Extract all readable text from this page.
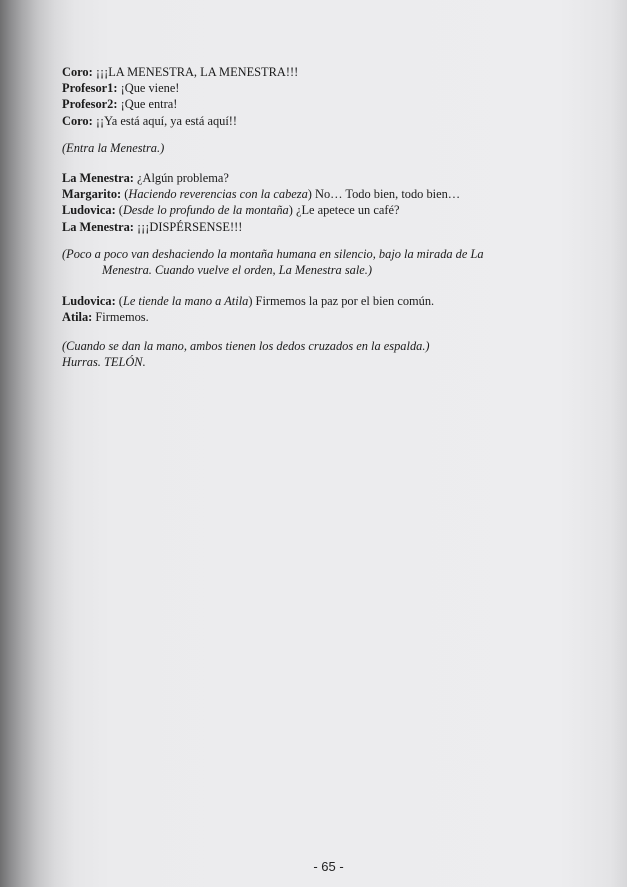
Coro: ¡¡¡LA MENESTRA, LA MENESTRA!!!
Profesor1: ¡Que viene!
Profesor2: ¡Que entra!
Coro: ¡¡Ya está aquí, ya está aquí!!
(Entra la Menestra.)
La Menestra: ¿Algún problema?
Margarito: (Haciendo reverencias con la cabeza) No… Todo bien, todo bien…
Ludovica: (Desde lo profundo de la montaña) ¿Le apetece un café?
La Menestra: ¡¡¡DISPÉRSENSE!!!
(Poco a poco van deshaciendo la montaña humana en silencio, bajo la mirada de La
Menestra. Cuando vuelve el orden, La Menestra sale.)
Ludovica: (Le tiende la mano a Atila) Firmemos la paz por el bien común.
Atila: Firmemos.
(Cuando se dan la mano, ambos tienen los dedos cruzados en la espalda.)
Hurras. TELÓN.
- 65 -
